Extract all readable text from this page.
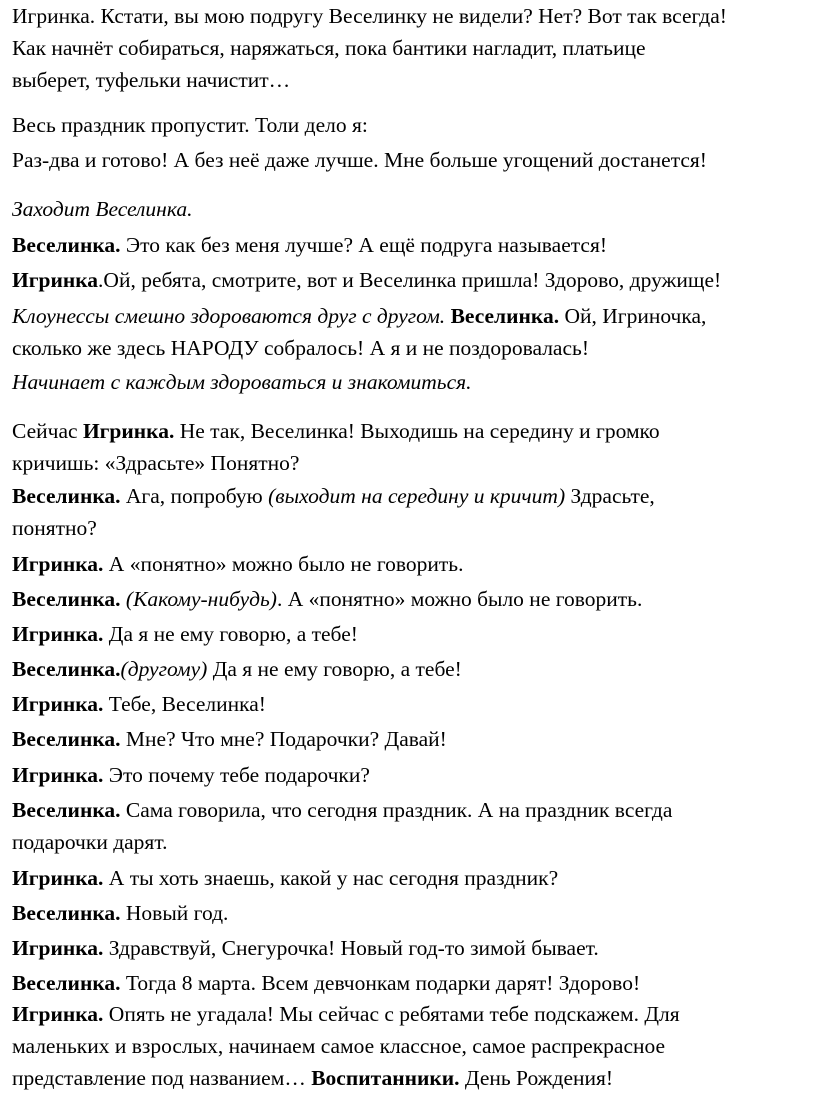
Игринка. Кстати, вы мою подругу Веселинку не видели? Нет? Вот так всегда!

Как начнёт собираться, наряжаться, пока бантики нагладит, платьице

выберет, туфельки начистит…

Весь праздник пропустит. Толи дело я:

Раз-два и готово! А без неё даже лучше. Мне больше угощений достанется!

Заходит Веселинка.

Веселинка. Это как без меня лучше? А ещё подруга называется!

Игринка.Ой, ребята, смотрите, вот и Веселинка пришла! Здорово, дружище!

Клоунессы смешно здороваются друг с другом. Веселинка. Ой, Игриночка,

сколько же здесь НАРОДУ собралось! А я и не поздоровалась!

Начинает с каждым здороваться и знакомиться.

Сейчас Игринка. Не так, Веселинка! Выходишь на середину и громко

кричишь: «Здрасьте» Понятно?

Веселинка. Ага, попробую (выходит на середину и кричит) Здрасьте,

понятно?

Игринка. А «понятно» можно было не говорить.

Веселинка. (Какому-нибудь). А «понятно» можно было не говорить.

Игринка. Да я не ему говорю, а тебе!

Веселинка.(другому) Да я не ему говорю, а тебе!

Игринка. Тебе, Веселинка!

Веселинка. Мне? Что мне? Подарочки? Давай!

Игринка. Это почему тебе подарочки?

Веселинка. Сама говорила, что сегодня праздник. А на праздник всегда

подарочки дарят.

Игринка. А ты хоть знаешь, какой у нас сегодня праздник?

Веселинка. Новый год.

Игринка. Здравствуй, Снегурочка! Новый год-то зимой бывает.

Веселинка. Тогда 8 марта. Всем девчонкам подарки дарят! Здорово!

Игринка. Опять не угадала! Мы сейчас с ребятами тебе подскажем. Для

маленьких и взрослых, начинаем самое классное, самое распрекрасное

представление под названием… Воспитанники. День Рождения!
